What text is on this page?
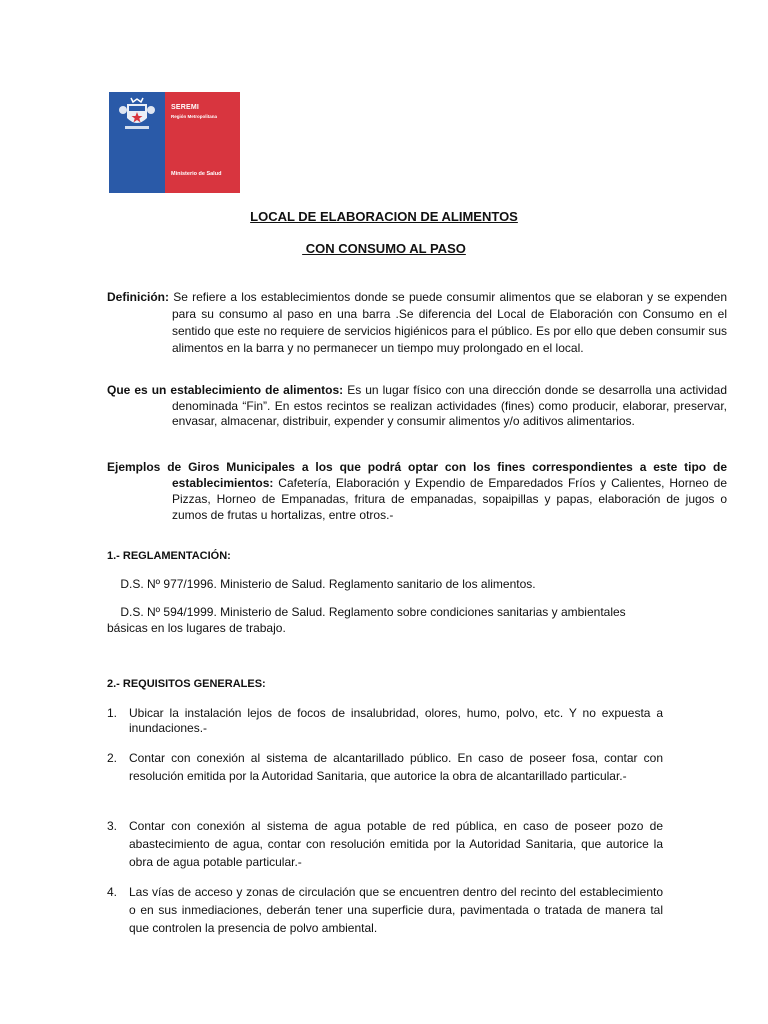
SEREMI
Región Metropolitana
Ministerio de Salud
LOCAL DE ELABORACION DE ALIMENTOS
CON CONSUMO AL PASO

Definición: Se refiere a los establecimientos donde se puede consumir alimentos que se elaboran y se expenden para su consumo al paso en una barra .Se diferencia del Local de Elaboración con Consumo en el sentido que este no requiere de servicios higiénicos para el público. Es por ello que deben consumir sus alimentos en la barra y no permanecer un tiempo muy prolongado en el local.

Que es un establecimiento de alimentos: Es un lugar físico con una dirección donde se desarrolla una actividad denominada “Fin”. En estos recintos se realizan actividades (fines) como producir, elaborar, preservar, envasar, almacenar, distribuir, expender y consumir alimentos y/o aditivos alimentarios.

Ejemplos de Giros Municipales a los que podrá optar con los fines correspondientes a este tipo de establecimientos: Cafetería, Elaboración y Expendio de Emparedados Fríos y Calientes, Horneo de Pizzas, Horneo de Empanadas, fritura de empanadas, sopaipillas y papas, elaboración de jugos o zumos de frutas u hortalizas, entre otros.-

1.- REGLAMENTACIÓN:

D.S. Nº 977/1996. Ministerio de Salud. Reglamento sanitario de los alimentos.

D.S. Nº 594/1999. Ministerio de Salud. Reglamento sobre condiciones sanitarias y ambientales básicas en los lugares de trabajo.

2.- REQUISITOS GENERALES:
1. Ubicar la instalación lejos de focos de insalubridad, olores, humo, polvo, etc. Y no expuesta a inundaciones.-
2. Contar con conexión al sistema de alcantarillado público. En caso de poseer fosa, contar con resolución emitida por la Autoridad Sanitaria, que autorice la obra de alcantarillado particular.-
3. Contar con conexión al sistema de agua potable de red pública, en caso de poseer pozo de abastecimiento de agua, contar con resolución emitida por la Autoridad Sanitaria, que autorice la obra de agua potable particular.-
4. Las vías de acceso y zonas de circulación que se encuentren dentro del recinto del establecimiento o en sus inmediaciones, deberán tener una superficie dura, pavimentada o tratada de manera tal que controlen la presencia de polvo ambiental.
